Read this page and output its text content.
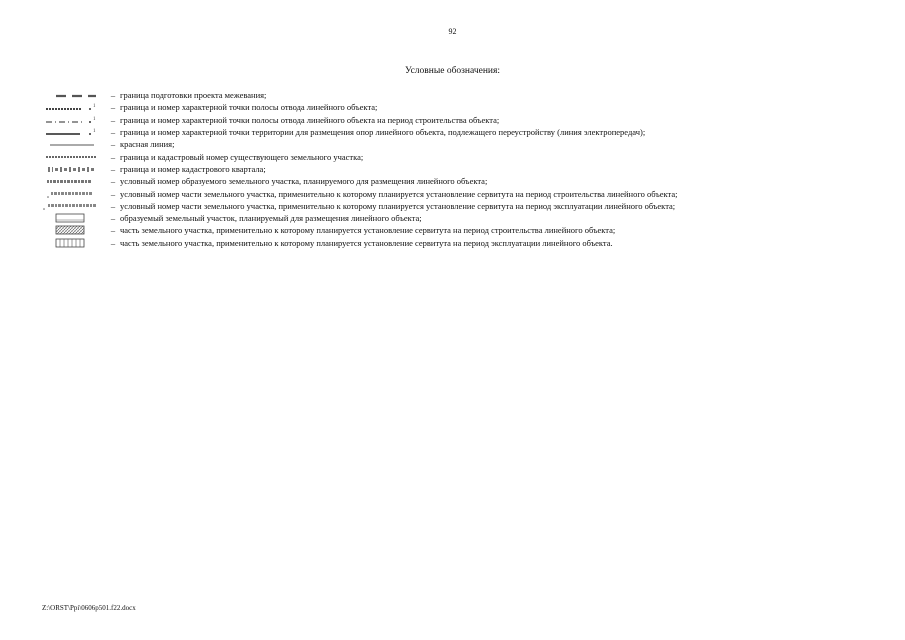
92
Условные обозначения:
– граница подготовки проекта межевания;
1	– граница и номер характерной точки полосы отвода линейного объекта;
1	– граница и номер характерной точки полосы отвода линейного объекта на период строительства объекта;
1	– граница и номер характерной точки территории для размещения опор линейного объекта, подлежащего переустройству (линия электропередач);
– красная линия;
– граница и кадастровый номер существующего земельного участка;
– граница и номер кадастрового квартала;
– условный номер образуемого земельного участка, планируемого для размещения линейного объекта;
– условный номер части земельного участка, применительно к которому планируется установление сервитута на период строительства линейного объекта;
– условный номер части земельного участка, применительно к которому планируется установление сервитута на период эксплуатации линейного объекта;
– образуемый земельный участок, планируемый для размещения линейного объекта;
– часть земельного участка, применительно к которому планируется установление сервитута на период строительства линейного объекта;
– часть земельного участка, применительно к которому планируется установление сервитута на период эксплуатации линейного объекта.
Z:\ORST\Ppi\0606p501.f22.docx
